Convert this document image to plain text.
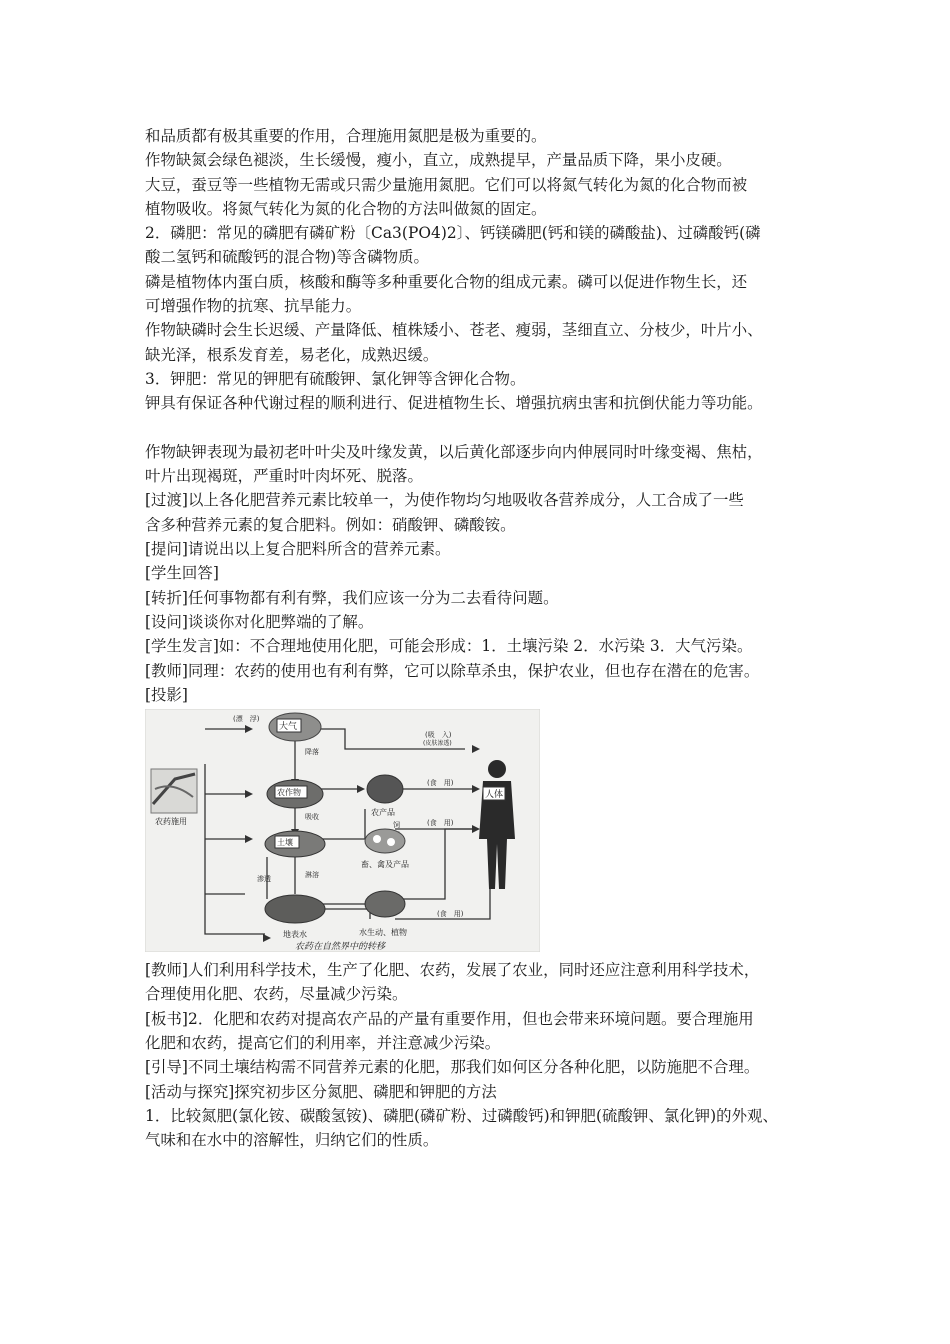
和品质都有极其重要的作用，合理施用氮肥是极为重要的。
作物缺氮会绿色褪淡，生长缓慢，瘦小，直立，成熟提早，产量品质下降，果小皮硬。
大豆，蚕豆等一些植物无需或只需少量施用氮肥。它们可以将氮气转化为氮的化合物而被
植物吸收。将氮气转化为氮的化合物的方法叫做氮的固定。
2．磷肥：常见的磷肥有磷矿粉〔Ca3(PO4)2〕、钙镁磷肥(钙和镁的磷酸盐)、过磷酸钙(磷
酸二氢钙和硫酸钙的混合物)等含磷物质。
磷是植物体内蛋白质，核酸和酶等多种重要化合物的组成元素。磷可以促进作物生长，还
可增强作物的抗寒、抗旱能力。
作物缺磷时会生长迟缓、产量降低、植株矮小、苍老、瘦弱，茎细直立、分枝少，叶片小、
缺光泽，根系发育差，易老化，成熟迟缓。
3．钾肥：常见的钾肥有硫酸钾、氯化钾等含钾化合物。
钾具有保证各种代谢过程的顺利进行、促进植物生长、增强抗病虫害和抗倒伏能力等功能。
作物缺钾表现为最初老叶叶尖及叶缘发黄，以后黄化部逐步向内伸展同时叶缘变褐、焦枯，
叶片出现褐斑，严重时叶肉坏死、脱落。
[过渡]以上各化肥营养元素比较单一，为使作物均匀地吸收各营养成分，人工合成了一些
含多种营养元素的复合肥料。例如：硝酸钾、磷酸铵。
[提问]请说出以上复合肥料所含的营养元素。
[学生回答]
[转折]任何事物都有利有弊，我们应该一分为二去看待问题。
[设问]谈谈你对化肥弊端的了解。
[学生发言]如：不合理地使用化肥，可能会形成：1．土壤污染 2．水污染 3．大气污染。
[教师]同理：农药的使用也有利有弊，它可以除草杀虫，保护农业，但也存在潜在的危害。
[投影]
农药施用
大气
农作物
土壤
地表水
农产品
饲
畜、禽及产品
水生动、植物
人体
(漂　浮)
降落
(吸　入)
(皮肤渗透)
(食　用)
(食　用)
(食　用)
吸收
淋溶
渗透
农药在自然界中的转移
[教师]人们利用科学技术，生产了化肥、农药，发展了农业，同时还应注意利用科学技术，
合理使用化肥、农药，尽量减少污染。
[板书]2．化肥和农药对提高农产品的产量有重要作用，但也会带来环境问题。要合理施用
化肥和农药，提高它们的利用率，并注意减少污染。
[引导]不同土壤结构需不同营养元素的化肥，那我们如何区分各种化肥，以防施肥不合理。
[活动与探究]探究初步区分氮肥、磷肥和钾肥的方法
1．比较氮肥(氯化铵、碳酸氢铵)、磷肥(磷矿粉、过磷酸钙)和钾肥(硫酸钾、氯化钾)的外观、
气味和在水中的溶解性，归纳它们的性质。
